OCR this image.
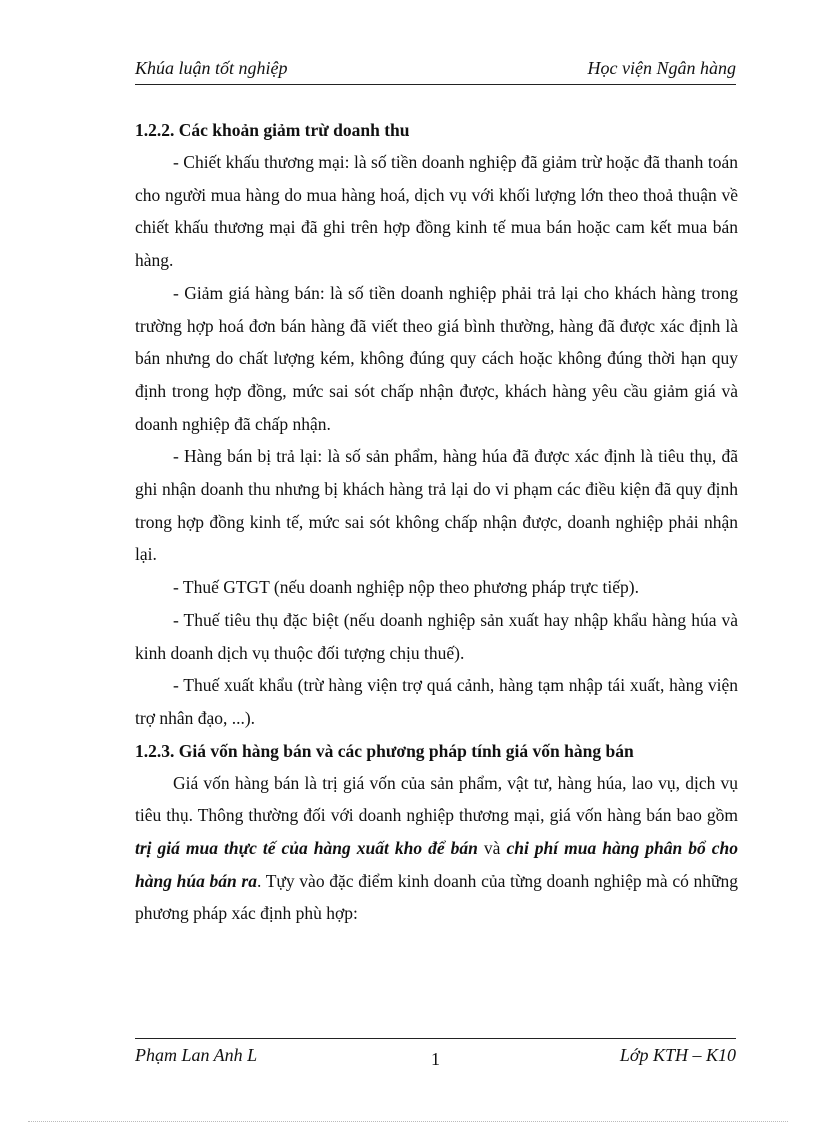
Khúa luận tốt nghiệp	Học viện Ngân hàng

1.2.2. Các khoản giảm trừ doanh thu

- Chiết khấu thương mại: là số tiền doanh nghiệp đã giảm trừ hoặc đã thanh toán cho người mua hàng do mua hàng hoá, dịch vụ với khối lượng lớn theo thoả thuận về chiết khấu thương mại đã ghi trên hợp đồng kinh tế mua bán hoặc cam kết mua bán hàng.

- Giảm giá hàng bán: là số tiền doanh nghiệp phải trả lại cho khách hàng trong trường hợp hoá đơn bán hàng đã viết theo giá bình thường, hàng đã được xác định là bán nhưng do chất lượng kém, không đúng quy cách hoặc không đúng thời hạn quy định trong hợp đồng, mức sai sót chấp nhận được, khách hàng yêu cầu giảm giá và doanh nghiệp đã chấp nhận.

- Hàng bán bị trả lại: là số sản phẩm, hàng húa đã được xác định là tiêu thụ, đã ghi nhận doanh thu nhưng bị khách hàng trả lại do vi phạm các điều kiện đã quy định trong hợp đồng kinh tế, mức sai sót không chấp nhận được, doanh nghiệp phải nhận lại.

- Thuế GTGT (nếu doanh nghiệp nộp theo phương pháp trực tiếp).

- Thuế tiêu thụ đặc biệt (nếu doanh nghiệp sản xuất hay nhập khẩu hàng húa và kinh doanh dịch vụ thuộc đối tượng chịu thuế).

- Thuế xuất khẩu (trừ hàng viện trợ quá cảnh, hàng tạm nhập tái xuất, hàng viện trợ nhân đạo, ...).

1.2.3. Giá vốn hàng bán và các phương pháp tính giá vốn hàng bán

Giá vốn hàng bán là trị giá vốn của sản phẩm, vật tư, hàng húa, lao vụ, dịch vụ tiêu thụ. Thông thường đối với doanh nghiệp thương mại, giá vốn hàng bán bao gồm trị giá mua thực tế của hàng xuất kho để bán và chi phí mua hàng phân bổ cho hàng húa bán ra. Tựy vào đặc điểm kinh doanh của từng doanh nghiệp mà có những phương pháp xác định phù hợp:

Phạm Lan Anh L	1	Lớp KTH – K10
